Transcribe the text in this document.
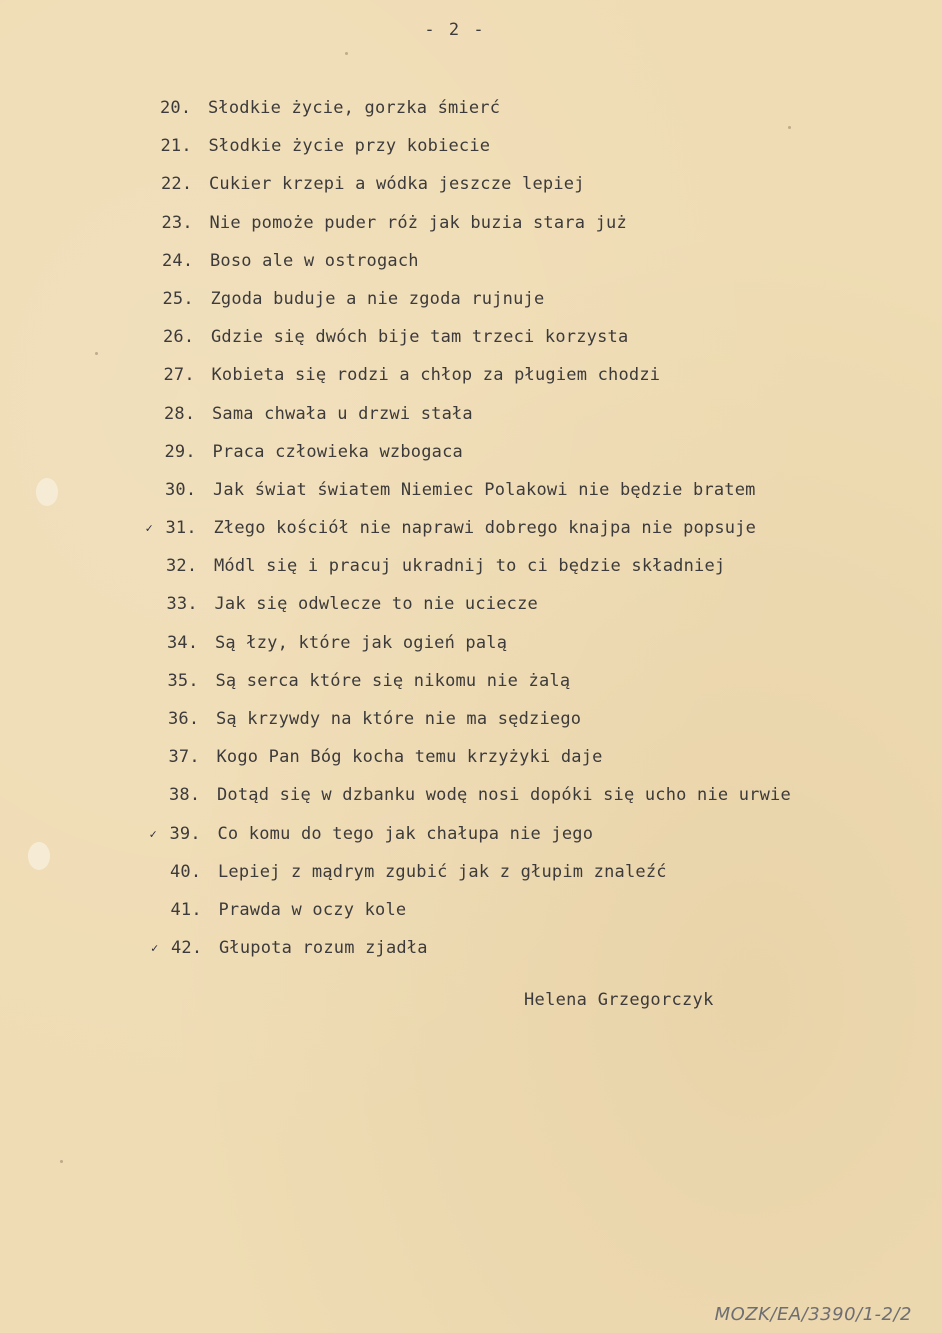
- 2 -
20. Słodkie życie, gorzka śmierć
21. Słodkie życie przy kobiecie
22. Cukier krzepi a wódka jeszcze lepiej
23. Nie pomoże puder róż jak buzia stara już
24. Boso ale w ostrogach
25. Zgoda buduje a nie zgoda rujnuje
26. Gdzie się dwóch bije tam trzeci korzysta
27. Kobieta się rodzi a chłop za pługiem chodzi
28. Sama chwała u drzwi stała
29. Praca człowieka wzbogaca
30. Jak świat światem Niemiec Polakowi nie będzie bratem
✓ 31. Złego kościół nie naprawi dobrego knajpa nie popsuje
32. Módl się i pracuj ukradnij to ci będzie składniej
33. Jak się odwlecze to nie uciecze
34. Są łzy, które jak ogień palą
35. Są serca które się nikomu nie żalą
36. Są krzywdy na które nie ma sędziego
37. Kogo Pan Bóg kocha temu krzyżyki daje
38. Dotąd się w dzbanku wodę nosi dopóki się ucho nie urwie
✓ 39. Co komu do tego jak chałupa nie jego
40. Lepiej z mądrym zgubić jak z głupim znaleźć
41. Prawda w oczy kole
✓ 42. Głupota rozum zjadła
Helena Grzegorczyk
MOZK/EA/3390/1-2/2
